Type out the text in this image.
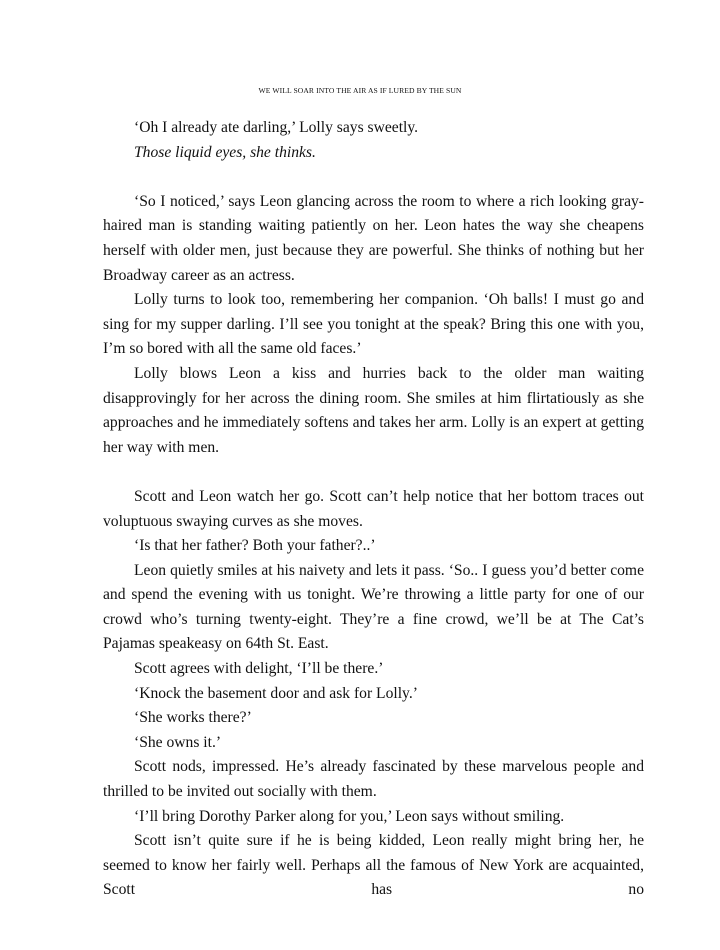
WE WILL SOAR INTO THE AIR AS IF LURED BY THE SUN

‘Oh I already ate darling,’ Lolly says sweetly.

Those liquid eyes, she thinks.

‘So I noticed,’ says Leon glancing across the room to where a rich looking gray-haired man is standing waiting patiently on her. Leon hates the way she cheapens herself with older men, just because they are powerful. She thinks of nothing but her Broadway career as an actress.

Lolly turns to look too, remembering her companion. ‘Oh balls! I must go and sing for my supper darling. I’ll see you tonight at the speak? Bring this one with you, I’m so bored with all the same old faces.’

Lolly blows Leon a kiss and hurries back to the older man waiting disapprovingly for her across the dining room. She smiles at him flirtatiously as she approaches and he immediately softens and takes her arm. Lolly is an expert at getting her way with men.

Scott and Leon watch her go. Scott can’t help notice that her bottom traces out voluptuous swaying curves as she moves.

‘Is that her father? Both your father?..’

Leon quietly smiles at his naivety and lets it pass. ‘So.. I guess you’d better come and spend the evening with us tonight. We’re throwing a little party for one of our crowd who’s turning twenty-eight. They’re a fine crowd, we’ll be at The Cat’s Pajamas speakeasy on 64th St. East.

Scott agrees with delight, ‘I’ll be there.’

‘Knock the basement door and ask for Lolly.’

‘She works there?’

‘She owns it.’

Scott nods, impressed. He’s already fascinated by these marvelous people and thrilled to be invited out socially with them.

‘I’ll bring Dorothy Parker along for you,’ Leon says without smiling.

Scott isn’t quite sure if he is being kidded, Leon really might bring her, he seemed to know her fairly well. Perhaps all the famous of New York are acquainted, Scott has no
